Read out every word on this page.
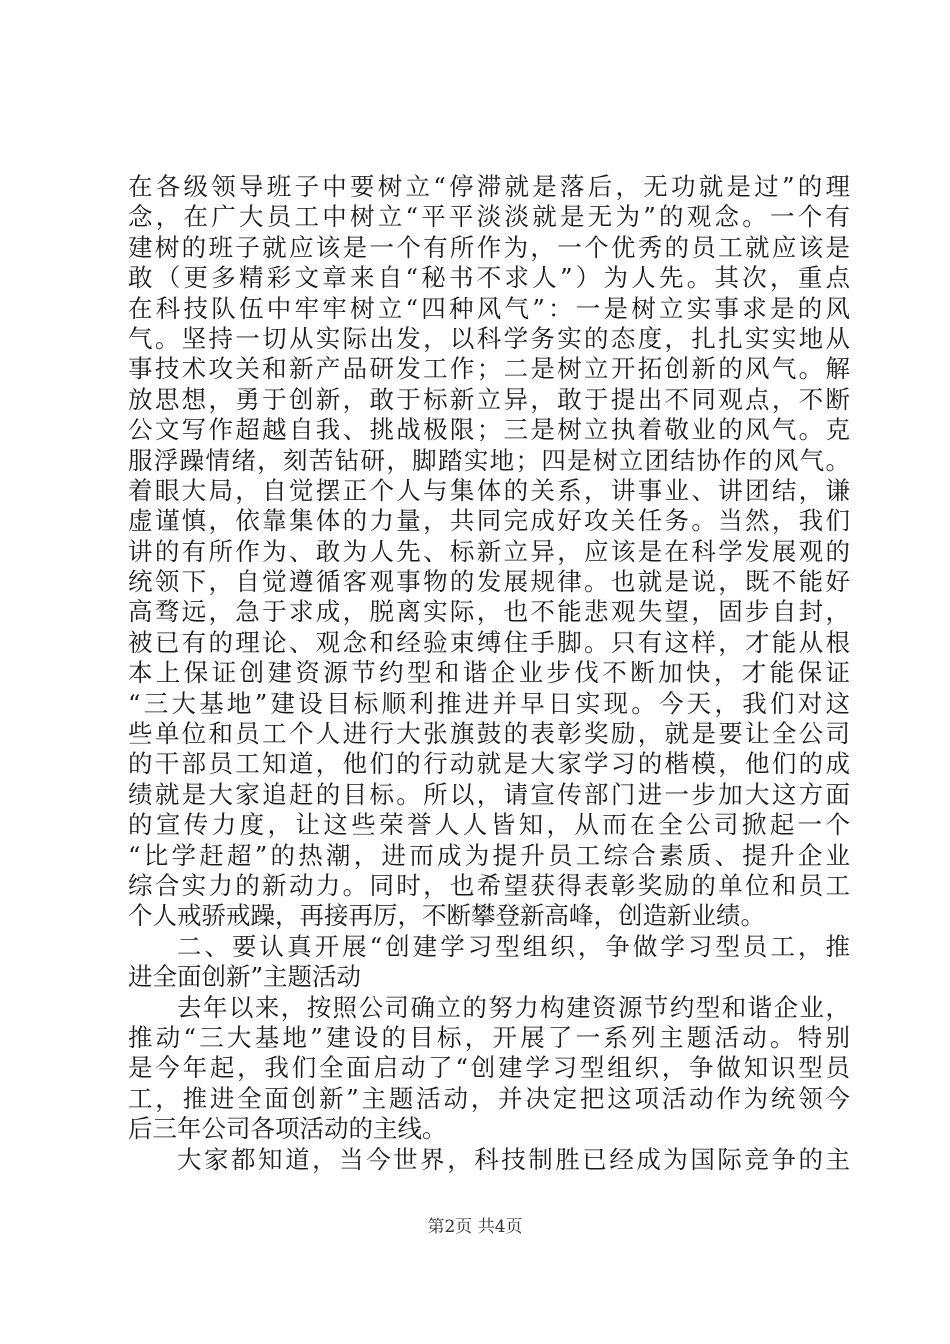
在各级领导班子中要树立“停滞就是落后，无功就是过”的理
念，在广大员工中树立“平平淡淡就是无为”的观念。一个有
建树的班子就应该是一个有所作为，一个优秀的员工就应该是
敢（更多精彩文章来自“秘书不求人”）为人先。其次，重点
在科技队伍中牢牢树立“四种风气”：一是树立实事求是的风
气。坚持一切从实际出发，以科学务实的态度，扎扎实实地从
事技术攻关和新产品研发工作；二是树立开拓创新的风气。解
放思想，勇于创新，敢于标新立异，敢于提出不同观点，不断
公文写作超越自我、挑战极限；三是树立执着敬业的风气。克
服浮躁情绪，刻苦钻研，脚踏实地；四是树立团结协作的风气。
着眼大局，自觉摆正个人与集体的关系，讲事业、讲团结，谦
虚谨慎，依靠集体的力量，共同完成好攻关任务。当然，我们
讲的有所作为、敢为人先、标新立异，应该是在科学发展观的
统领下，自觉遵循客观事物的发展规律。也就是说，既不能好
高骛远，急于求成，脱离实际，也不能悲观失望，固步自封，
被已有的理论、观念和经验束缚住手脚。只有这样，才能从根
本上保证创建资源节约型和谐企业步伐不断加快，才能保证
“三大基地”建设目标顺利推进并早日实现。今天，我们对这
些单位和员工个人进行大张旗鼓的表彰奖励，就是要让全公司
的干部员工知道，他们的行动就是大家学习的楷模，他们的成
绩就是大家追赶的目标。所以，请宣传部门进一步加大这方面
的宣传力度，让这些荣誉人人皆知，从而在全公司掀起一个
“比学赶超”的热潮，进而成为提升员工综合素质、提升企业
综合实力的新动力。同时，也希望获得表彰奖励的单位和员工
个人戒骄戒躁，再接再厉，不断攀登新高峰，创造新业绩。
二、要认真开展“创建学习型组织，争做学习型员工，推
进全面创新”主题活动
去年以来，按照公司确立的努力构建资源节约型和谐企业，
推动“三大基地”建设的目标，开展了一系列主题活动。特别
是今年起，我们全面启动了“创建学习型组织，争做知识型员
工，推进全面创新”主题活动，并决定把这项活动作为统领今
后三年公司各项活动的主线。
大家都知道，当今世界，科技制胜已经成为国际竞争的主
第2页 共4页
